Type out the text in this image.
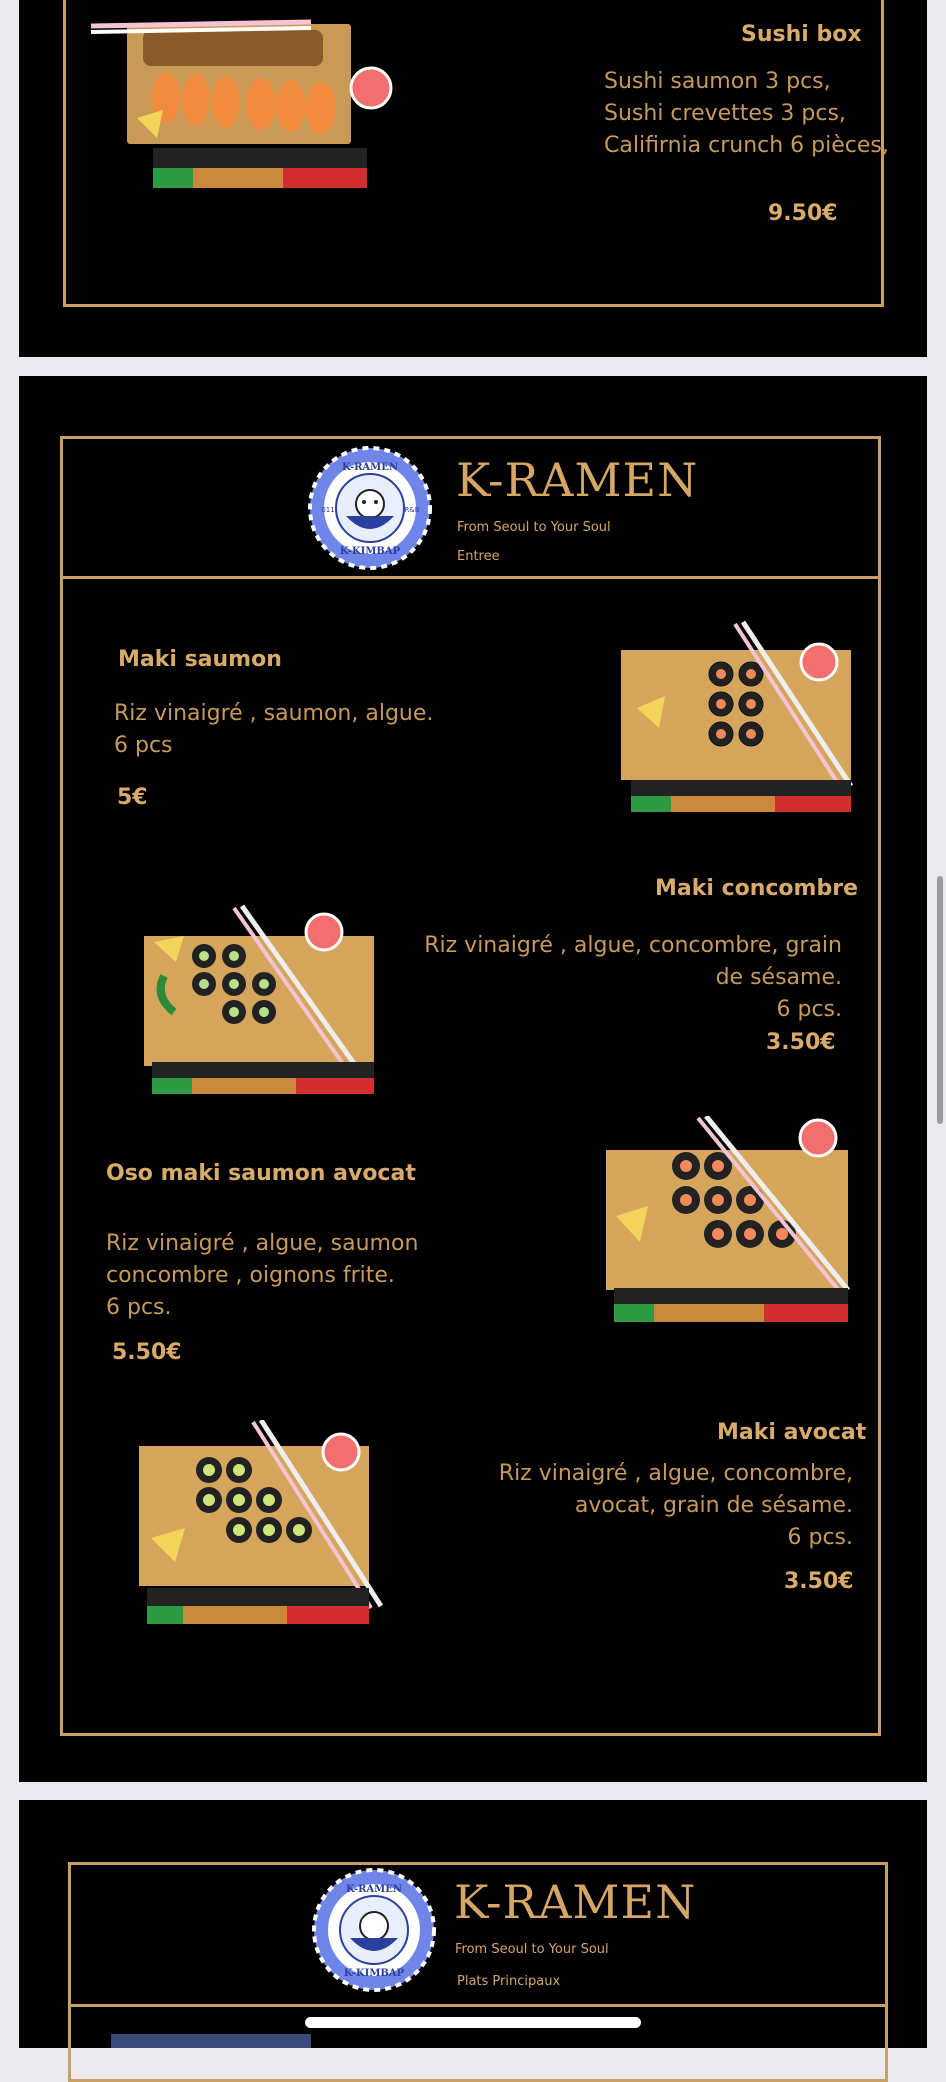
Sushi box
Sushi saumon 3 pcs,
Sushi crevettes 3 pcs,
Califirnia crunch 6 pièces,
9.50€
K-RAMEN
K-KIMBAP
011	R&B
K-RAMEN
From Seoul to Your Soul
Entree
Maki saumon
Riz vinaigré , saumon, algue.
6 pcs
5€
Maki concombre
Riz vinaigré , algue, concombre, grain
de sésame.
6 pcs.
3.50€
Oso maki saumon avocat
Riz vinaigré , algue, saumon
concombre , oignons frite.
6 pcs.
5.50€
Maki avocat
Riz vinaigré , algue, concombre,
avocat, grain de sésame.
6 pcs.
3.50€
K-RAMEN
K-KIMBAP
K-RAMEN
From Seoul to Your Soul
Plats Principaux
